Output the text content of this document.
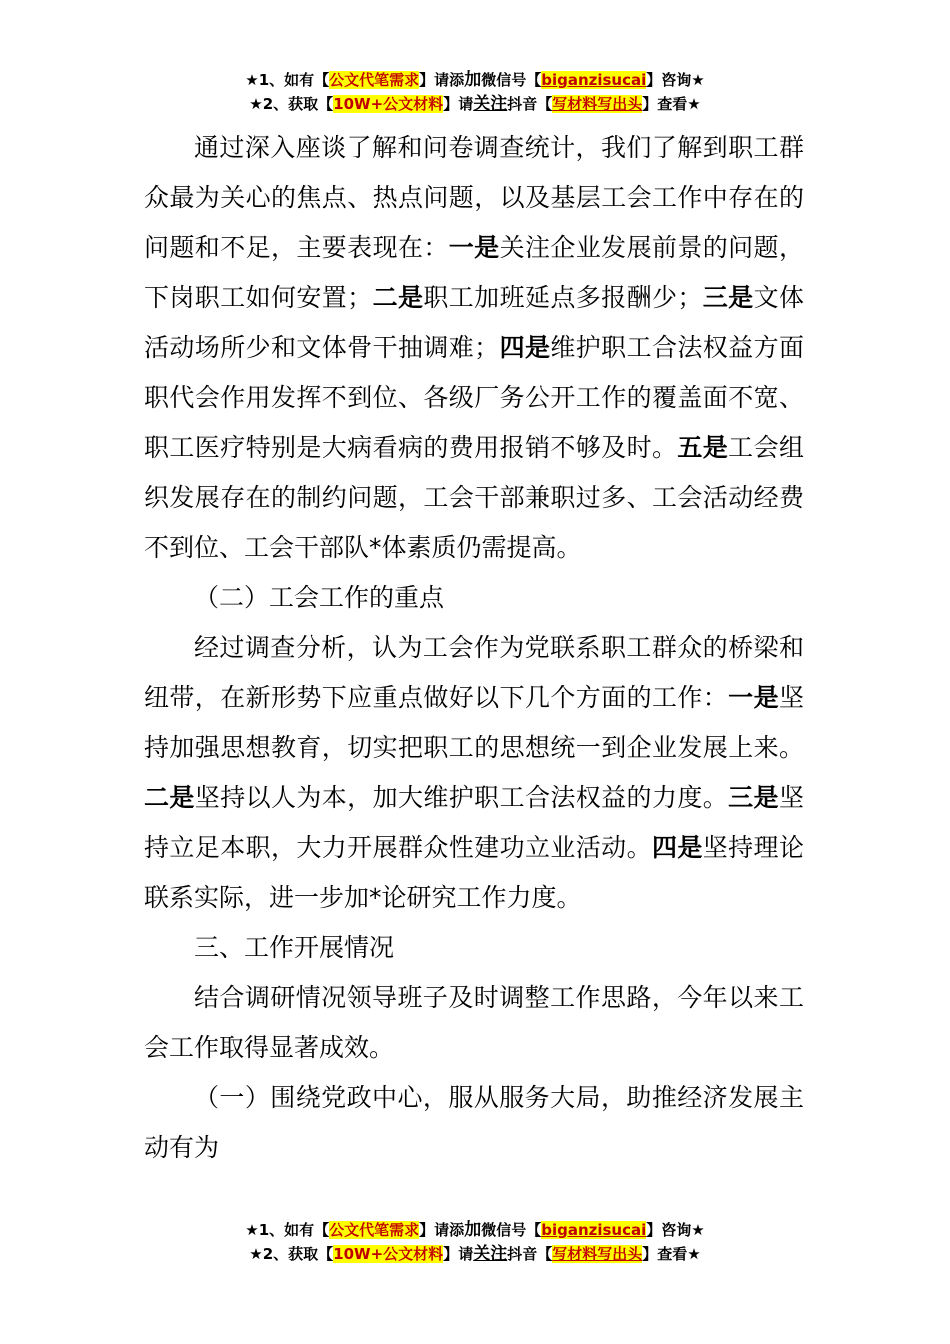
★1、如有【公文代笔需求】请添加微信号【biganzisucai】咨询★
★2、获取【10W+公文材料】请关注抖音【写材料写出头】查看★

通过深入座谈了解和问卷调查统计，我们了解到职工群众最为关心的焦点、热点问题，以及基层工会工作中存在的问题和不足，主要表现在：一是关注企业发展前景的问题，下岗职工如何安置；二是职工加班延点多报酬少；三是文体活动场所少和文体骨干抽调难；四是维护职工合法权益方面职代会作用发挥不到位、各级厂务公开工作的覆盖面不宽、职工医疗特别是大病看病的费用报销不够及时。五是工会组织发展存在的制约问题，工会干部兼职过多、工会活动经费不到位、工会干部队*体素质仍需提高。

（二）工会工作的重点

经过调查分析，认为工会作为党联系职工群众的桥梁和纽带，在新形势下应重点做好以下几个方面的工作：一是坚持加强思想教育，切实把职工的思想统一到企业发展上来。二是坚持以人为本，加大维护职工合法权益的力度。三是坚持立足本职，大力开展群众性建功立业活动。四是坚持理论联系实际，进一步加*论研究工作力度。

三、工作开展情况

结合调研情况领导班子及时调整工作思路，今年以来工会工作取得显著成效。

（一）围绕党政中心，服从服务大局，助推经济发展主动有为

★1、如有【公文代笔需求】请添加微信号【biganzisucai】咨询★
★2、获取【10W+公文材料】请关注抖音【写材料写出头】查看★
